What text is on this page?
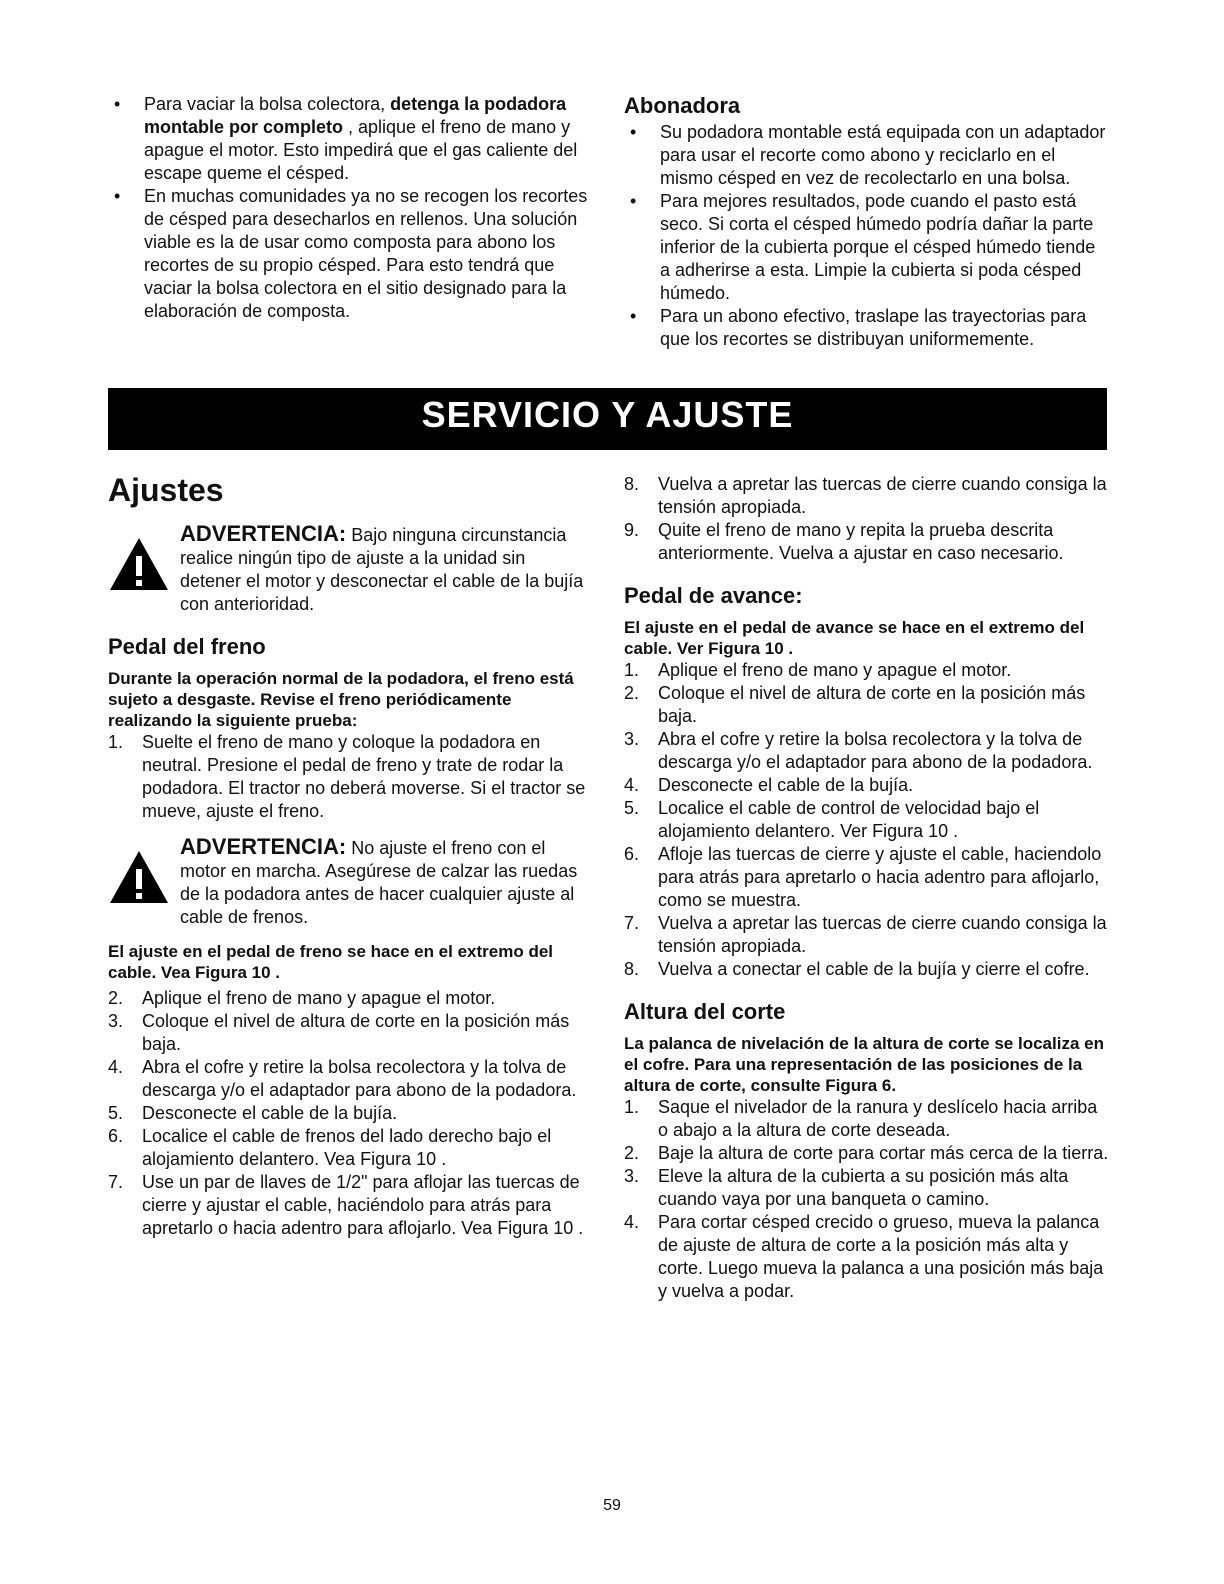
• Para vaciar la bolsa colectora, detenga la podadora montable por completo , aplique el freno de mano y apague el motor. Esto impedirá que el gas caliente del escape queme el césped.
• En muchas comunidades ya no se recogen los recortes de césped para desecharlos en rellenos. Una solución viable es la de usar como composta para abono los recortes de su propio césped. Para esto tendrá que vaciar la bolsa colectora en el sitio designado para la elaboración de composta.
Abonadora
• Su podadora montable está equipada con un adaptador para usar el recorte como abono y reciclarlo en el mismo césped en vez de recolectarlo en una bolsa.
• Para mejores resultados, pode cuando el pasto está seco. Si corta el césped húmedo podría dañar la parte inferior de la cubierta porque el césped húmedo tiende a adherirse a esta. Limpie la cubierta si poda césped húmedo.
• Para un abono efectivo, traslape las trayectorias para que los recortes se distribuyan uniformemente.
SERVICIO Y AJUSTE
Ajustes
ADVERTENCIA: Bajo ninguna circunstancia realice ningún tipo de ajuste a la unidad sin detener el motor y desconectar el cable de la bujía con anterioridad.
Pedal del freno

Durante la operación normal de la podadora, el freno está sujeto a desgaste. Revise el freno periódicamente realizando la siguiente prueba:

1. Suelte el freno de mano y coloque la podadora en neutral. Presione el pedal de freno y trate de rodar la podadora. El tractor no deberá moverse. Si el tractor se mueve, ajuste el freno.
ADVERTENCIA: No ajuste el freno con el motor en marcha. Asegúrese de calzar las ruedas de la podadora antes de hacer cualquier ajuste al cable de frenos.

El ajuste en el pedal de freno se hace en el extremo del cable. Vea Figura 10 .

2. Aplique el freno de mano y apague el motor.
3. Coloque el nivel de altura de corte en la posición más baja.
4. Abra el cofre y retire la bolsa recolectora y la tolva de descarga y/o el adaptador para abono de la podadora.
5. Desconecte el cable de la bujía.
6. Localice el cable de frenos del lado derecho bajo el alojamiento delantero. Vea Figura 10 .
7. Use un par de llaves de 1/2" para aflojar las tuercas de cierre y ajustar el cable, haciéndolo para atrás para apretarlo o hacia adentro para aflojarlo. Vea Figura 10 .
8. Vuelva a apretar las tuercas de cierre cuando consiga la tensión apropiada.
9. Quite el freno de mano y repita la prueba descrita anteriormente. Vuelva a ajustar en caso necesario.
Pedal de avance:

El ajuste en el pedal de avance se hace en el extremo del cable. Ver Figura 10 .

1. Aplique el freno de mano y apague el motor.
2. Coloque el nivel de altura de corte en la posición más baja.
3. Abra el cofre y retire la bolsa recolectora y la tolva de descarga y/o el adaptador para abono de la podadora.
4. Desconecte el cable de la bujía.
5. Localice el cable de control de velocidad bajo el alojamiento delantero. Ver Figura 10 .
6. Afloje las tuercas de cierre y ajuste el cable, haciendolo para atrás para apretarlo o hacia adentro para aflojarlo, como se muestra.
7. Vuelva a apretar las tuercas de cierre cuando consiga la tensión apropiada.
8. Vuelva a conectar el cable de la bujía y cierre el cofre.
Altura del corte

La palanca de nivelación de la altura de corte se localiza en el cofre. Para una representación de las posiciones de la altura de corte, consulte Figura 6.

1. Saque el nivelador de la ranura y deslícelo hacia arriba o abajo a la altura de corte deseada.
2. Baje la altura de corte para cortar más cerca de la tierra.
3. Eleve la altura de la cubierta a su posición más alta cuando vaya por una banqueta o camino.
4. Para cortar césped crecido o grueso, mueva la palanca de ajuste de altura de corte a la posición más alta y corte. Luego mueva la palanca a una posición más baja y vuelva a podar.
59
